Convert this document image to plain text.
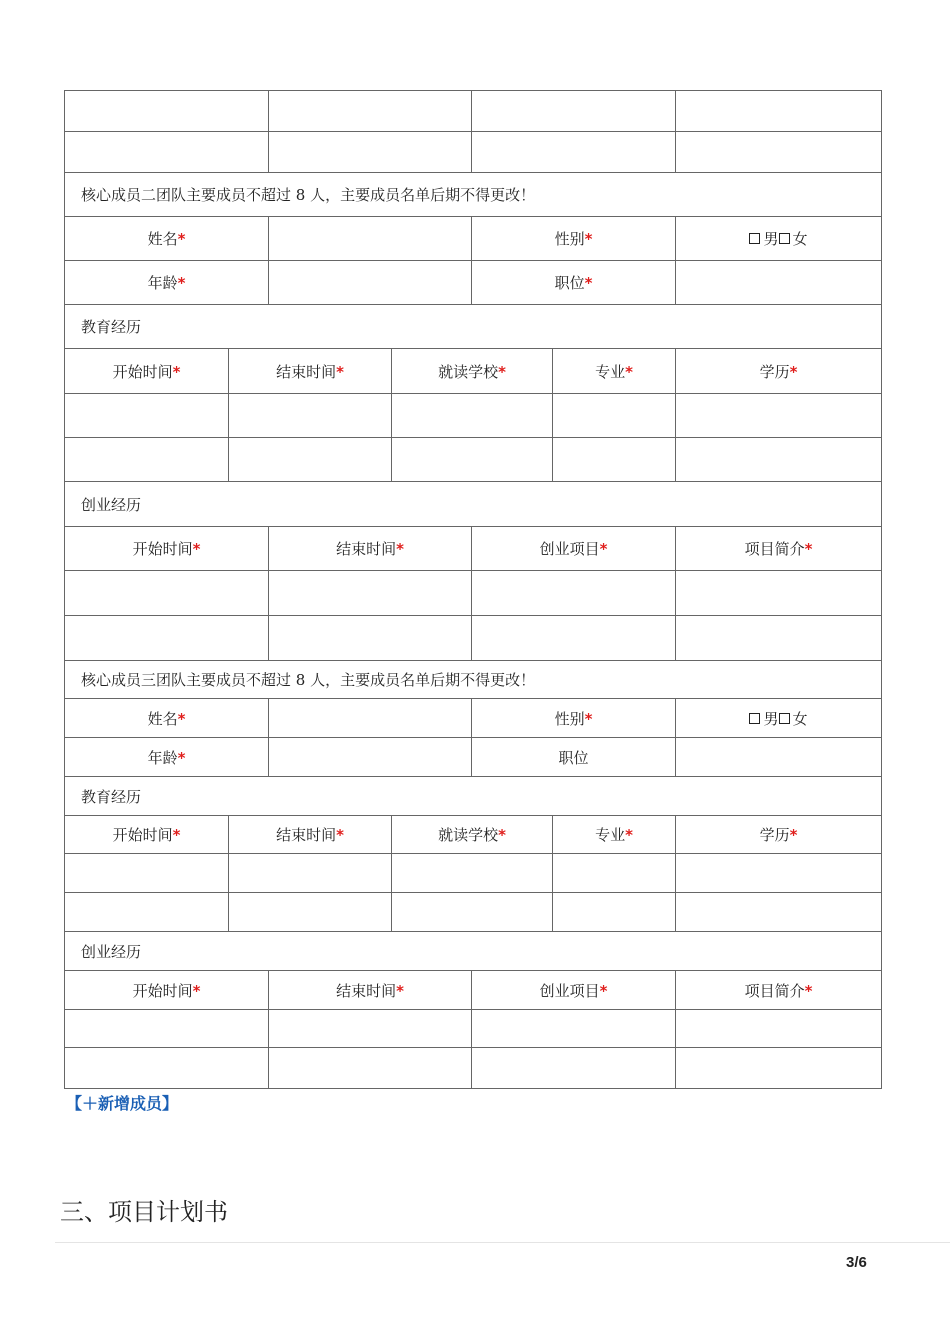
核心成员二团队主要成员不超过 8 人，主要成员名单后期不得更改！						
姓名*				性别*		男 女

年龄*				职位*		
教育经历						
开始时间*	结束时间*		就读学校*		专业*	学历*

创业经历						
开始时间*		结束时间*		创业项目*		项目简介*

核心成员三团队主要成员不超过 8 人，主要成员名单后期不得更改！						
姓名*				性别*		男 女

年龄*				职位		
教育经历						
开始时间*	结束时间*		就读学校*		专业*	学历*

创业经历						
开始时间*		结束时间*		创业项目*		项目简介*

【＋新增成员】
三、项目计划书
3/6
